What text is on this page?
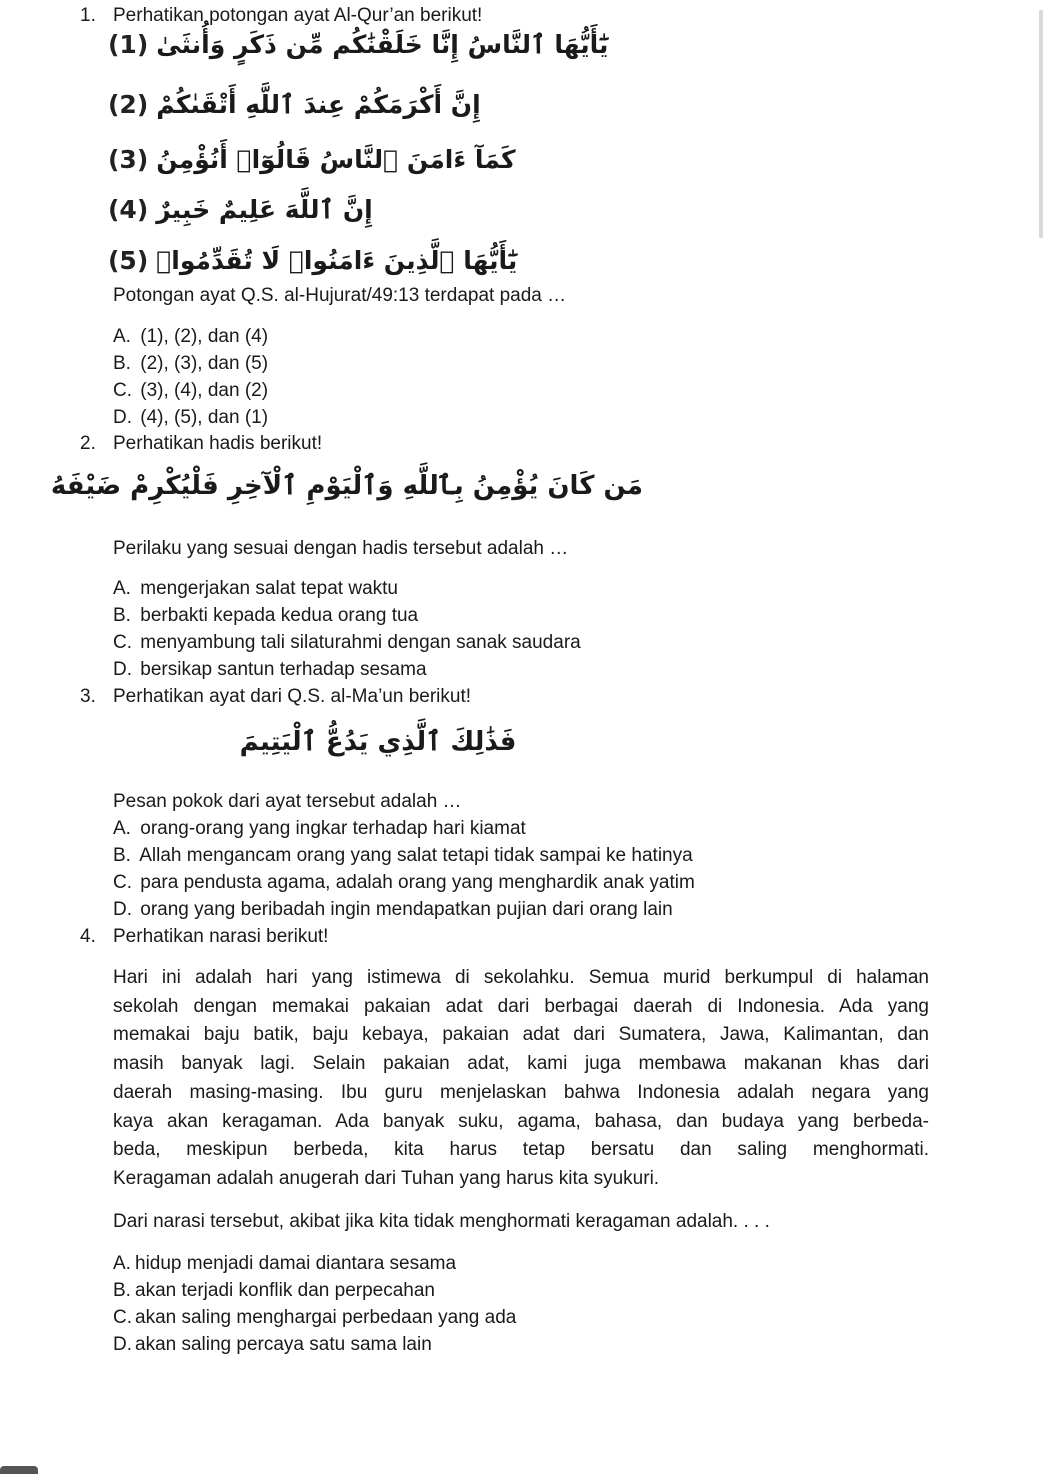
1. Perhatikan potongan ayat Al-Qur’an berikut!
(1) يَٰٓأَيُّهَا ٱلنَّاسُ إِنَّا خَلَقْنَٰكُم مِّن ذَكَرٍ وَأُنثَىٰ
(2) إِنَّ أَكْرَمَكُمْ عِندَ ٱللَّهِ أَتْقَىٰكُمْ
(3) كَمَآ ءَامَنَ ٱلنَّاسُ قَالُوٓا۟ أَنُؤْمِنُ
(4) إِنَّ ٱللَّهَ عَلِيمٌ خَبِيرٌ
(5) يَٰٓأَيُّهَا ٱلَّذِينَ ءَامَنُوا۟ لَا تُقَدِّمُوا۟
Potongan ayat Q.S. al-Hujurat/49:13 terdapat pada …
A. (1), (2), dan (4)
B. (2), (3), dan (5)
C. (3), (4), dan (2)
D. (4), (5), dan (1)
2. Perhatikan hadis berikut!
مَن كَانَ يُؤْمِنُ بِٱللَّهِ وَٱلْيَوْمِ ٱلْآخِرِ فَلْيُكْرِمْ ضَيْفَهُ
Perilaku yang sesuai dengan hadis tersebut adalah …
A. mengerjakan salat tepat waktu
B. berbakti kepada kedua orang tua
C. menyambung tali silaturahmi dengan sanak saudara
D. bersikap santun terhadap sesama
3. Perhatikan ayat dari Q.S. al-Ma’un berikut!
فَذَٰلِكَ ٱلَّذِي يَدُعُّ ٱلْيَتِيمَ
Pesan pokok dari ayat tersebut adalah …
A. orang-orang yang ingkar terhadap hari kiamat
B. Allah mengancam orang yang salat tetapi tidak sampai ke hatinya
C. para pendusta agama, adalah orang yang menghardik anak yatim
D. orang yang beribadah ingin mendapatkan pujian dari orang lain
4. Perhatikan narasi berikut!
Hari ini adalah hari yang istimewa di sekolahku. Semua murid berkumpul di halaman
sekolah dengan memakai pakaian adat dari berbagai daerah di Indonesia. Ada yang
memakai baju batik, baju kebaya, pakaian adat dari Sumatera, Jawa, Kalimantan, dan
masih banyak lagi. Selain pakaian adat, kami juga membawa makanan khas dari
daerah masing-masing. Ibu guru menjelaskan bahwa Indonesia adalah negara yang
kaya akan keragaman. Ada banyak suku, agama, bahasa, dan budaya yang berbeda-
beda, meskipun berbeda, kita harus tetap bersatu dan saling menghormati.
Keragaman adalah anugerah dari Tuhan yang harus kita syukuri.
Dari narasi tersebut, akibat jika kita tidak menghormati keragaman adalah. . . .
A. hidup menjadi damai diantara sesama
B. akan terjadi konflik dan perpecahan
C. akan saling menghargai perbedaan yang ada
D. akan saling percaya satu sama lain
